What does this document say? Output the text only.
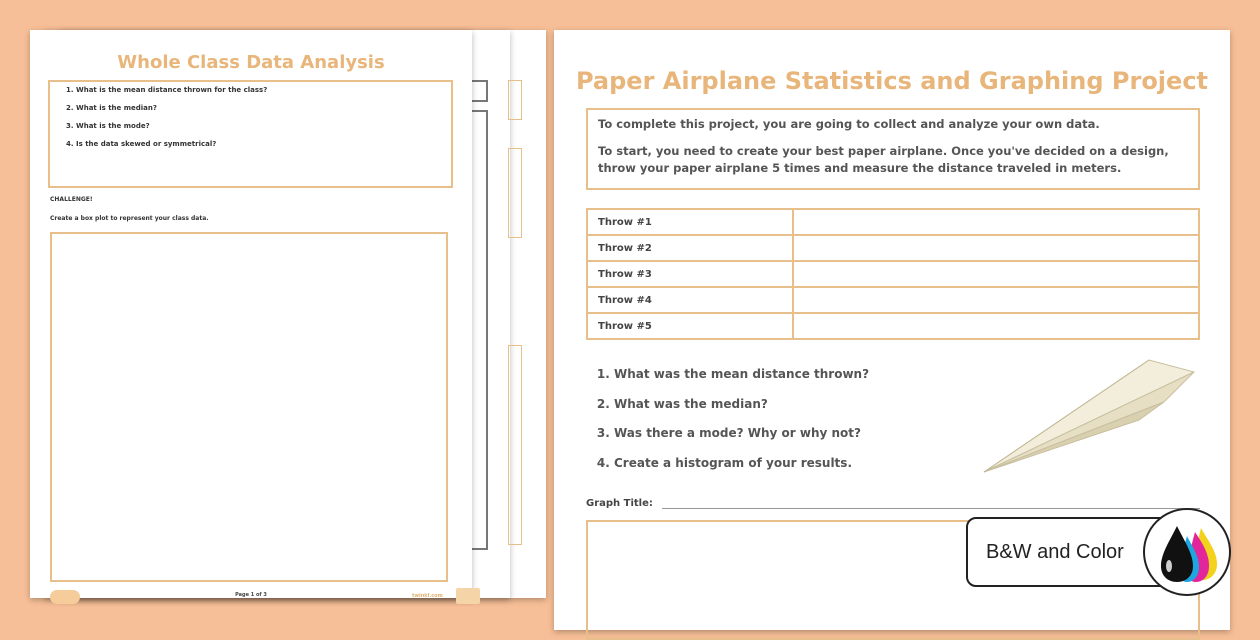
Whole Class Data Analysis
1. What is the mean distance thrown for the class?
2. What is the median?
3. What is the mode?
4. Is the data skewed or symmetrical?
CHALLENGE!
Create a box plot to represent your class data.
Page 1 of 3	twinkl.com
Paper Airplane Statistics and Graphing Project

To complete this project, you are going to collect and analyze your own data.

To start, you need to create your best paper airplane. Once you've decided on a design, throw your paper airplane 5 times and measure the distance traveled in meters.

Throw #1	
Throw #2	
Throw #3	
Throw #4	
Throw #5	
1. What was the mean distance thrown?
2. What was the median?
3. Was there a mode? Why or why not?
4. Create a histogram of your results.
Graph Title:
B&W and Color
